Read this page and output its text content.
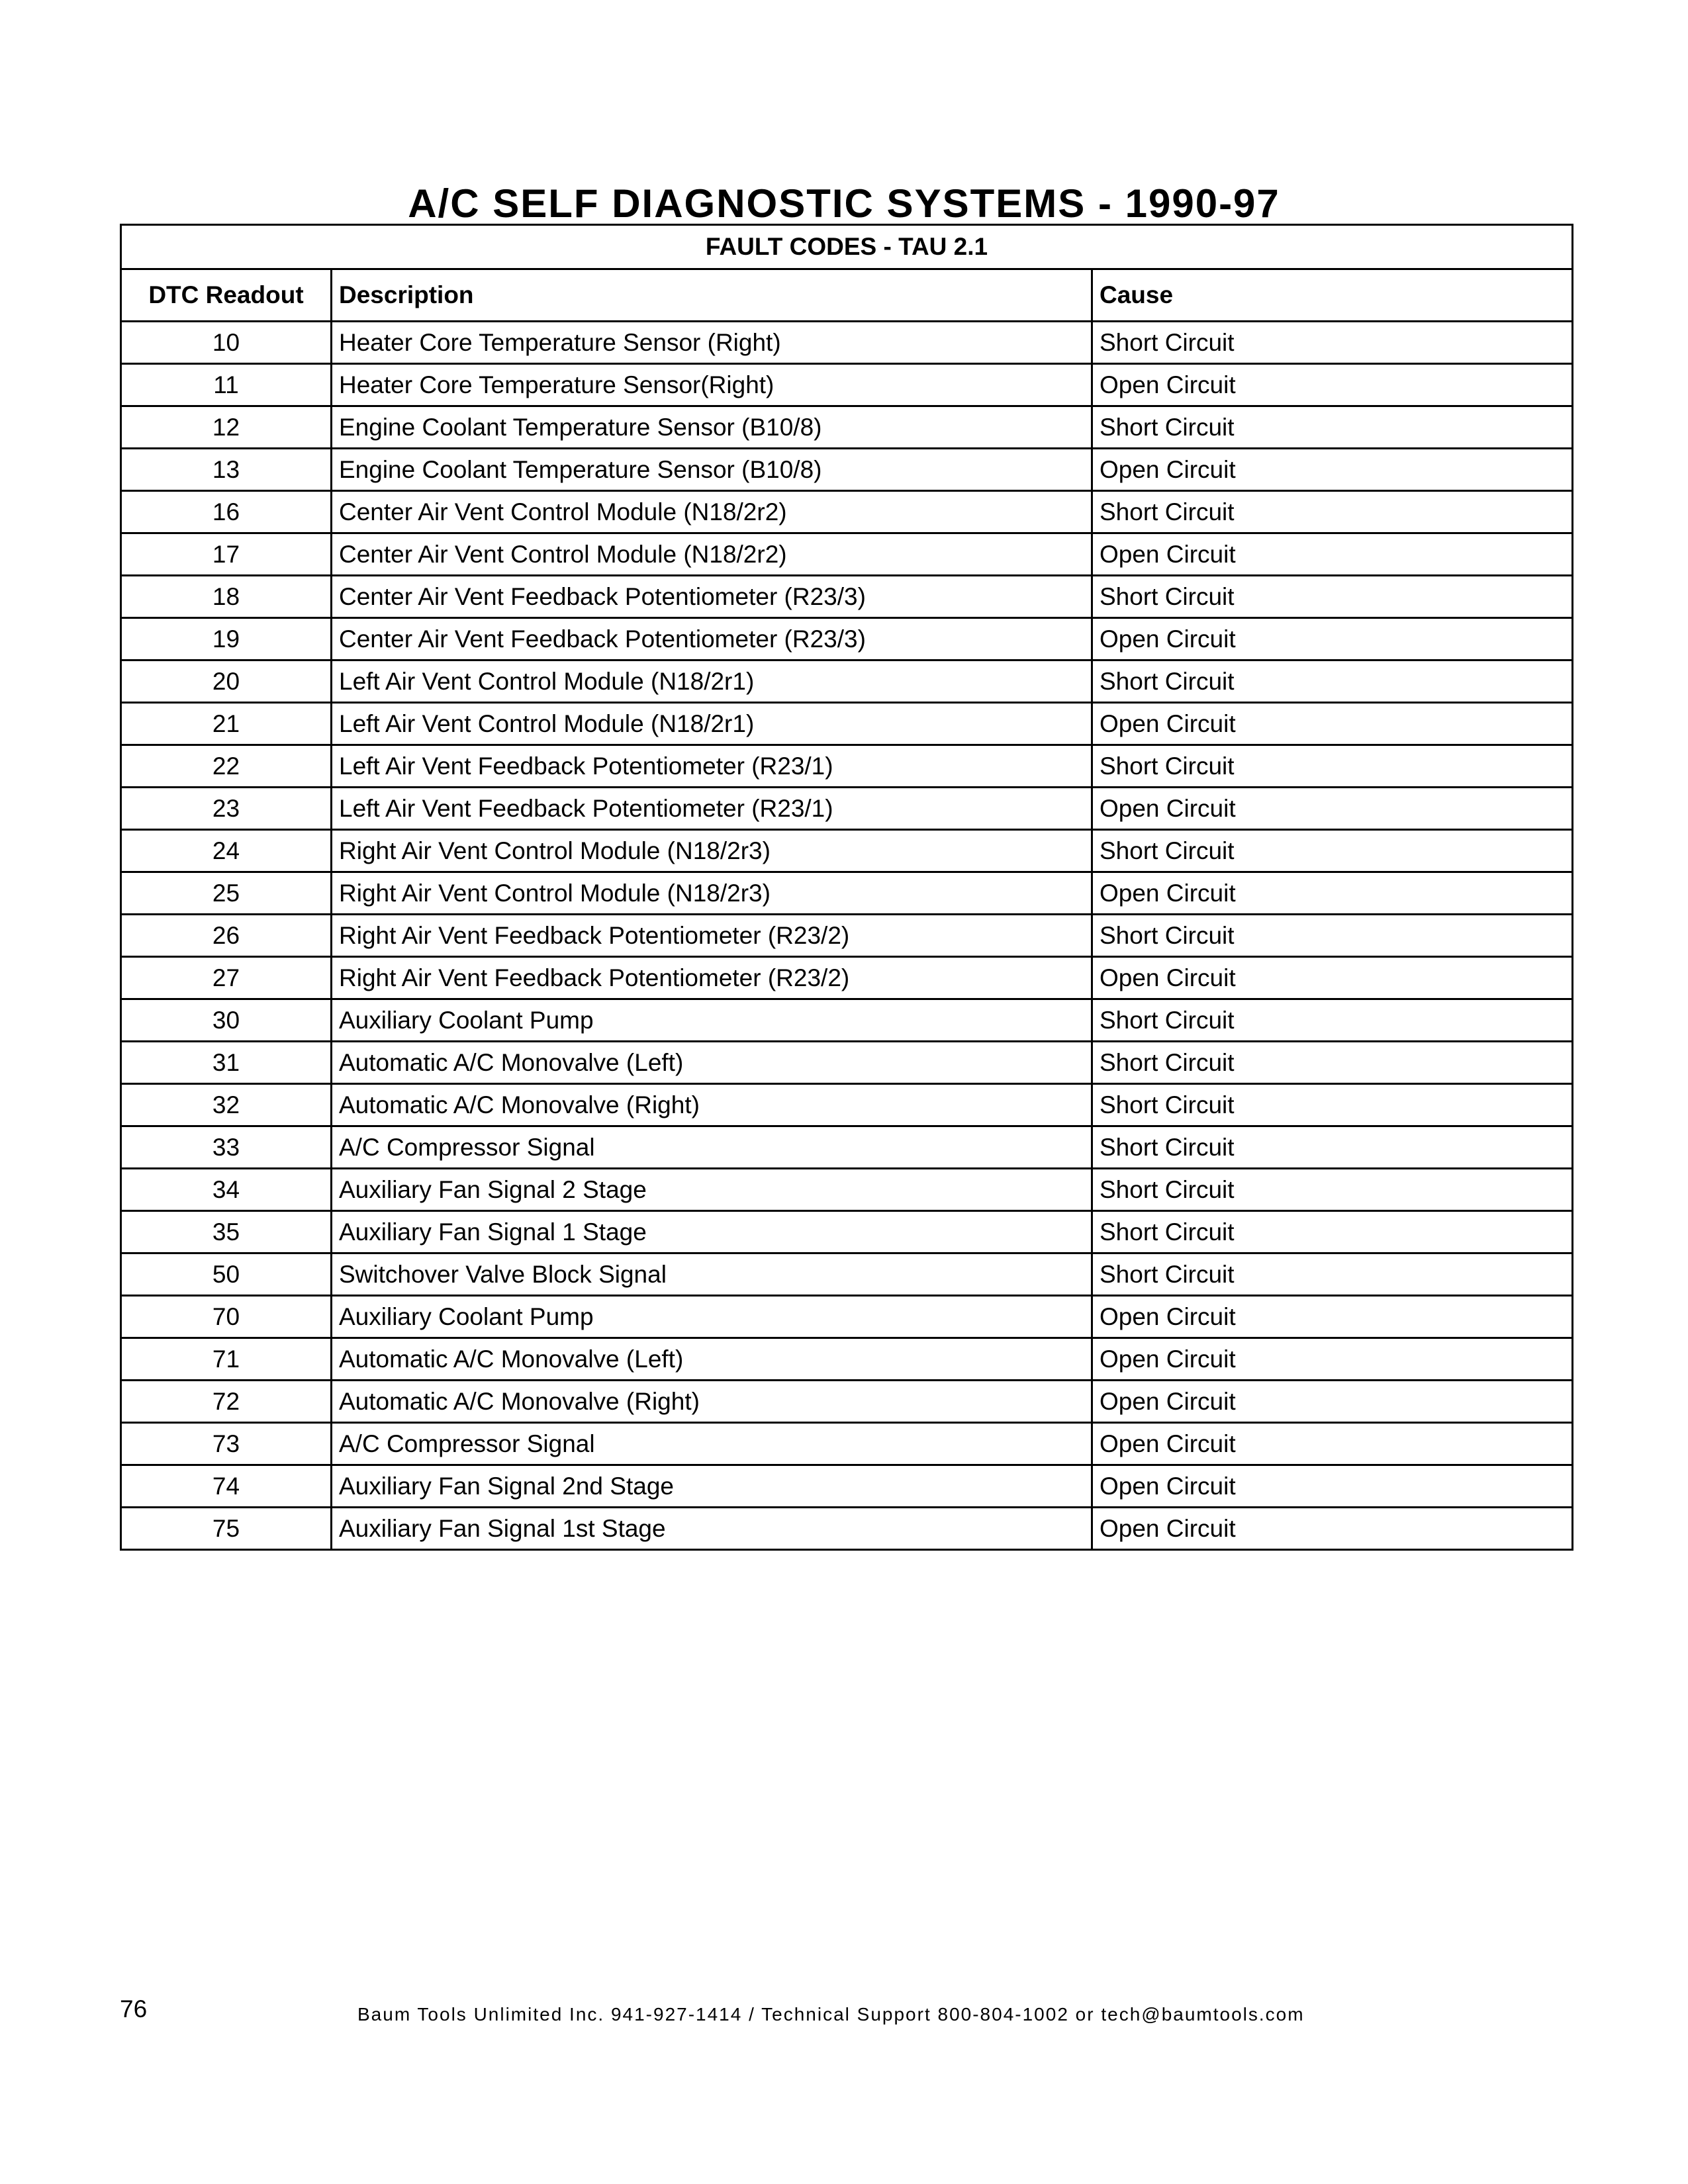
A/C SELF DIAGNOSTIC SYSTEMS - 1990-97
FAULT CODES - TAU 2.1		
DTC Readout	Description	Cause
10	Heater Core Temperature Sensor (Right)	Short Circuit
11	Heater Core Temperature Sensor(Right)	Open Circuit
12	Engine Coolant Temperature Sensor (B10/8)	Short Circuit
13	Engine Coolant Temperature Sensor (B10/8)	Open Circuit
16	Center Air Vent Control Module (N18/2r2)	Short Circuit
17	Center Air Vent Control Module (N18/2r2)	Open Circuit
18	Center Air Vent Feedback Potentiometer (R23/3)	Short Circuit
19	Center Air Vent Feedback Potentiometer (R23/3)	Open Circuit
20	Left Air Vent Control Module (N18/2r1)	Short Circuit
21	Left Air Vent Control Module (N18/2r1)	Open Circuit
22	Left Air Vent Feedback Potentiometer (R23/1)	Short Circuit
23	Left Air Vent Feedback Potentiometer (R23/1)	Open Circuit
24	Right Air Vent Control Module (N18/2r3)	Short Circuit
25	Right Air Vent Control Module (N18/2r3)	Open Circuit
26	Right Air Vent Feedback Potentiometer (R23/2)	Short Circuit
27	Right Air Vent Feedback Potentiometer (R23/2)	Open Circuit
30	Auxiliary Coolant Pump	Short Circuit
31	Automatic A/C Monovalve (Left)	Short Circuit
32	Automatic A/C Monovalve (Right)	Short Circuit
33	A/C Compressor Signal	Short Circuit
34	Auxiliary Fan Signal 2 Stage	Short Circuit
35	Auxiliary Fan Signal 1 Stage	Short Circuit
50	Switchover Valve Block Signal	Short Circuit
70	Auxiliary Coolant Pump	Open Circuit
71	Automatic A/C Monovalve (Left)	Open Circuit
72	Automatic A/C Monovalve (Right)	Open Circuit
73	A/C Compressor Signal	Open Circuit
74	Auxiliary Fan Signal 2nd Stage	Open Circuit
75	Auxiliary Fan Signal 1st Stage	Open Circuit
76	Baum Tools Unlimited Inc. 941-927-1414 / Technical Support 800-804-1002 or tech@baumtools.com
